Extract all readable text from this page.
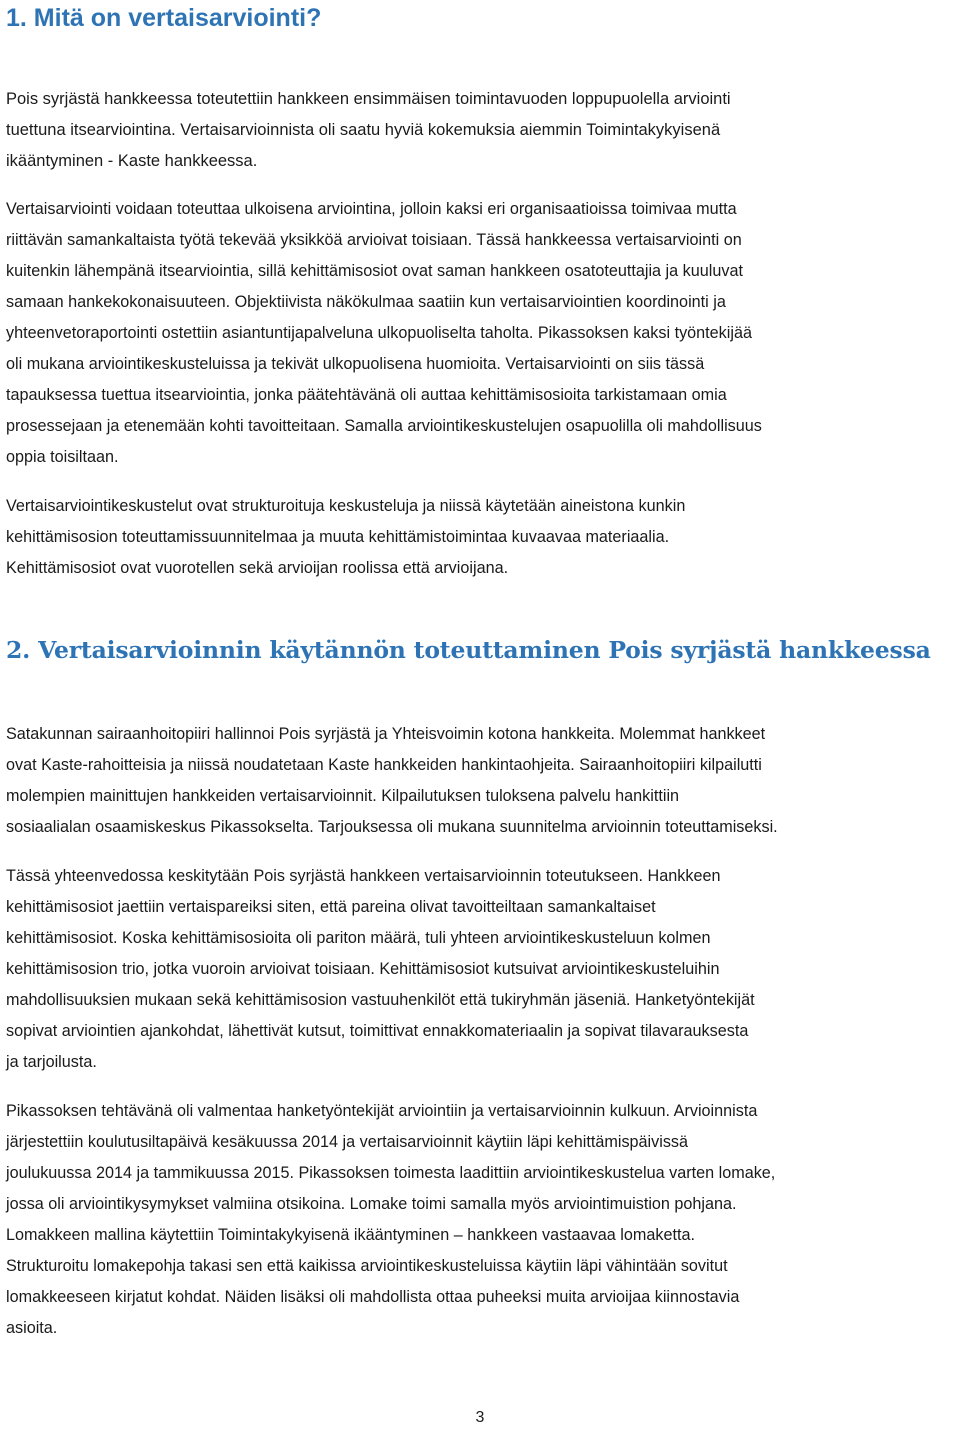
1. Mitä on vertaisarviointi?

Pois syrjästä hankkeessa toteutettiin hankkeen ensimmäisen toimintavuoden loppupuolella arviointi
tuettuna itsearviointina. Vertaisarvioinnista oli saatu hyviä kokemuksia aiemmin Toimintakykyisenä
ikääntyminen - Kaste hankkeessa.

Vertaisarviointi voidaan toteuttaa ulkoisena arviointina, jolloin kaksi eri organisaatioissa toimivaa mutta
riittävän samankaltaista työtä tekevää yksikköä arvioivat toisiaan. Tässä hankkeessa vertaisarviointi on
kuitenkin lähempänä itsearviointia, sillä kehittämisosiot ovat saman hankkeen osatoteuttajia ja kuuluvat
samaan hankekokonaisuuteen. Objektiivista näkökulmaa saatiin kun vertaisarviointien koordinointi ja
yhteenvetoraportointi ostettiin asiantuntijapalveluna ulkopuoliselta taholta. Pikassoksen kaksi työntekijää
oli mukana arviointikeskusteluissa ja tekivät ulkopuolisena huomioita. Vertaisarviointi on siis tässä
tapauksessa tuettua itsearviointia, jonka päätehtävänä oli auttaa kehittämisosioita tarkistamaan omia
prosessejaan ja etenemään kohti tavoitteitaan. Samalla arviointikeskustelujen osapuolilla oli mahdollisuus
oppia toisiltaan.

Vertaisarviointikeskustelut ovat strukturoituja keskusteluja ja niissä käytetään aineistona kunkin
kehittämisosion toteuttamissuunnitelmaa ja muuta kehittämistoimintaa kuvaavaa materiaalia.
Kehittämisosiot ovat vuorotellen sekä arvioijan roolissa että arvioijana.

2. Vertaisarvioinnin käytännön toteuttaminen Pois syrjästä hankkeessa

Satakunnan sairaanhoitopiiri hallinnoi Pois syrjästä ja Yhteisvoimin kotona hankkeita. Molemmat hankkeet
ovat Kaste-rahoitteisia ja niissä noudatetaan Kaste hankkeiden hankintaohjeita. Sairaanhoitopiiri kilpailutti
molempien mainittujen hankkeiden vertaisarvioinnit. Kilpailutuksen tuloksena palvelu hankittiin
sosiaalialan osaamiskeskus Pikassokselta. Tarjouksessa oli mukana suunnitelma arvioinnin toteuttamiseksi.

Tässä yhteenvedossa keskitytään Pois syrjästä hankkeen vertaisarvioinnin toteutukseen. Hankkeen
kehittämisosiot jaettiin vertaispareiksi siten, että pareina olivat tavoitteiltaan samankaltaiset
kehittämisosiot. Koska kehittämisosioita oli pariton määrä, tuli yhteen arviointikeskusteluun kolmen
kehittämisosion trio, jotka vuoroin arvioivat toisiaan. Kehittämisosiot kutsuivat arviointikeskusteluihin
mahdollisuuksien mukaan sekä kehittämisosion vastuuhenkilöt että tukiryhmän jäseniä. Hanketyöntekijät
sopivat arviointien ajankohdat, lähettivät kutsut, toimittivat ennakkomateriaalin ja sopivat tilavarauksesta
ja tarjoilusta.

Pikassoksen tehtävänä oli valmentaa hanketyöntekijät arviointiin ja vertaisarvioinnin kulkuun. Arvioinnista
järjestettiin koulutusiltapäivä kesäkuussa 2014 ja vertaisarvioinnit käytiin läpi kehittämispäivissä
joulukuussa 2014 ja tammikuussa 2015. Pikassoksen toimesta laadittiin arviointikeskustelua varten lomake,
jossa oli arviointikysymykset valmiina otsikoina. Lomake toimi samalla myös arviointimuistion pohjana.
Lomakkeen mallina käytettiin Toimintakykyisenä ikääntyminen – hankkeen vastaavaa lomaketta.
Strukturoitu lomakepohja takasi sen että kaikissa arviointikeskusteluissa käytiin läpi vähintään sovitut
lomakkeeseen kirjatut kohdat. Näiden lisäksi oli mahdollista ottaa puheeksi muita arvioijaa kiinnostavia
asioita.

3
